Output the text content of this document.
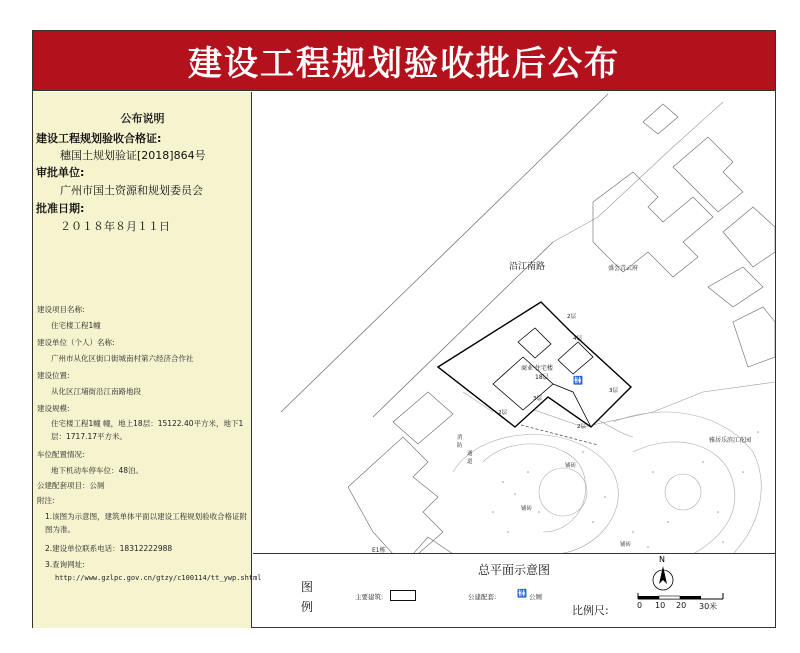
建设工程规划验收批后公布
公布说明
建设工程规划验收合格证:
穗国土规划验证[2018]864号
审批单位:
广州市国土资源和规划委员会
批准日期:
２０１８年８月１１日
建设项目名称:
住宅楼工程1幢
建设单位（个人）名称:
广州市从化区街口街城南村第六经济合作社
建设位置:
从化区江埔街沿江南路地段
建设规模:
住宅楼工程1幢 幢，地上18层：15122.40平方米，地下1层：1717.17平方米。
车位配置情况:
地下机动车停车位：48泊。
公建配套项目：公厕
附注:
1.该图为示意图，建筑单体平面以建设工程规划验收合格证附图为准。
2.建设单位联系电话：18312222988
3.查询网址:
http://www.gzlpc.gov.cn/gtzy/c100114/tt_ywp.shtml
沿江南路	盛会青云府
商业·住宅楼
18层	🚻
2层
2层
2层
3层
3层
4层
雅居乐滨江花园
E1栋
消
防
通
道
铺砖
铺砖
铺砖
总平面示意图
图
例
主要建筑:	公建配套:	🚻 公厕
比例尺:	0 10 20 30米
N
